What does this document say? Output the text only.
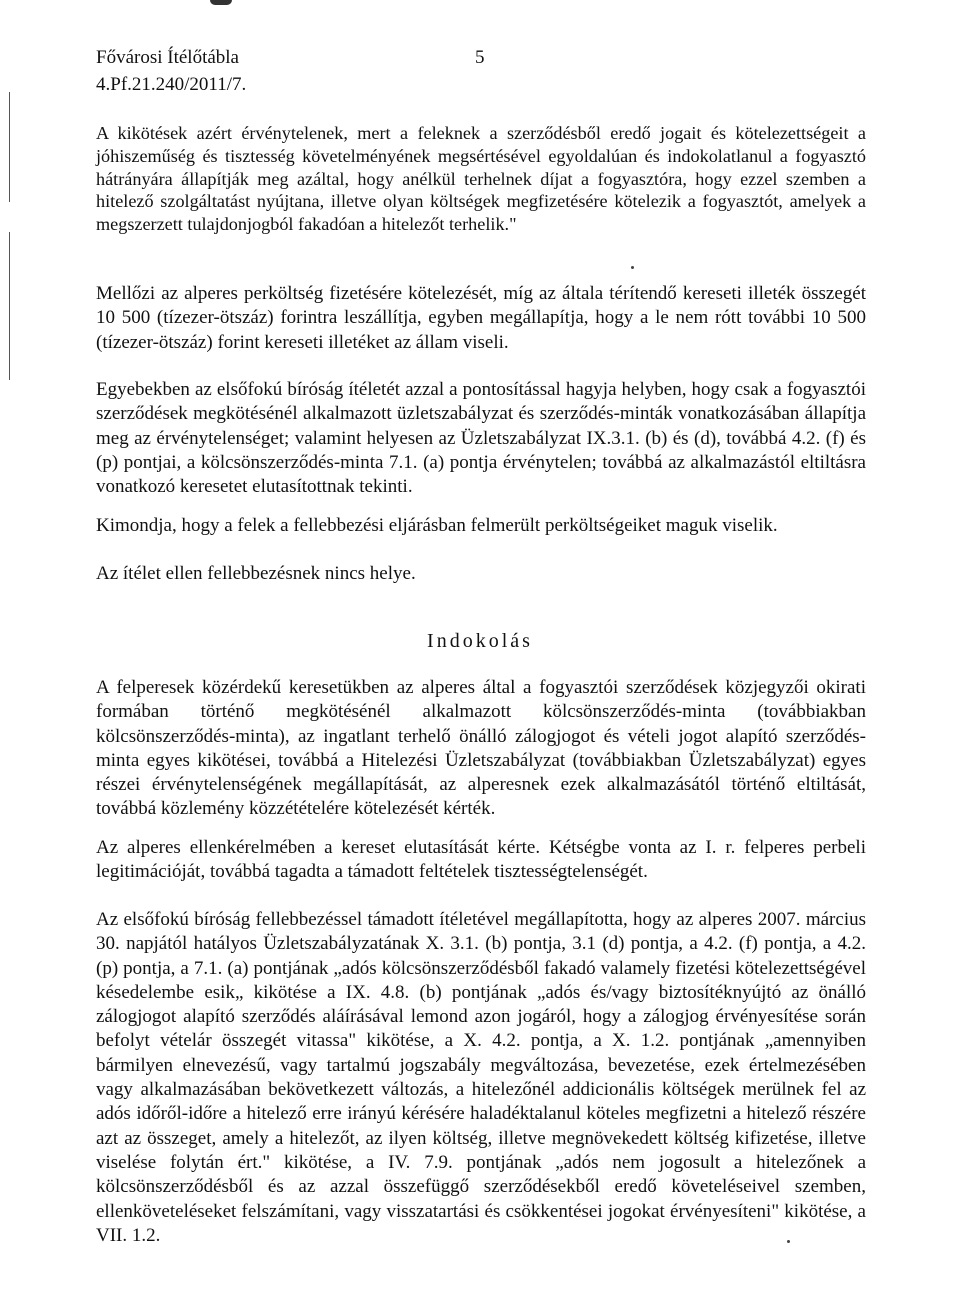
Fővárosi Ítélőtábla	5
4.Pf.21.240/2011/7.

A kikötések azért érvénytelenek, mert a feleknek a szerződésből eredő jogait és kötelezettségeit a jóhiszeműség és tisztesség követelményének megsértésével egyoldalúan és indokolatlanul a fogyasztó hátrányára állapítják meg azáltal, hogy anélkül terhelnek díjat a fogyasztóra, hogy ezzel szemben a hitelező szolgáltatást nyújtana, illetve olyan költségek megfizetésére kötelezik a fogyasztót, amelyek a megszerzett tulajdonjogból fakadóan a hitelezőt terhelik."

Mellőzi az alperes perköltség fizetésére kötelezését, míg az általa térítendő kereseti illeték összegét 10 500 (tízezer-ötszáz) forintra leszállítja, egyben megállapítja, hogy a le nem rótt további 10 500 (tízezer-ötszáz) forint kereseti illetéket az állam viseli.

Egyebekben az elsőfokú bíróság ítéletét azzal a pontosítással hagyja helyben, hogy csak a fogyasztói szerződések megkötésénél alkalmazott üzletszabályzat és szerződés-minták vonatkozásában állapítja meg az érvénytelenséget; valamint helyesen az Üzletszabályzat IX.3.1. (b) és (d), továbbá 4.2. (f) és (p) pontjai, a kölcsönszerződés-minta 7.1. (a) pontja érvénytelen; továbbá az alkalmazástól eltiltásra vonatkozó keresetet elutasítottnak tekinti.

Kimondja, hogy a felek a fellebbezési eljárásban felmerült perköltségeiket maguk viselik.

Az ítélet ellen fellebbezésnek nincs helye.

Indokolás

A felperesek közérdekű keresetükben az alperes által a fogyasztói szerződések közjegyzői okirati formában történő megkötésénél alkalmazott kölcsönszerződés-minta (továbbiakban kölcsönszerződés-minta), az ingatlant terhelő önálló zálogjogot és vételi jogot alapító szerződés-minta egyes kikötései, továbbá a Hitelezési Üzletszabályzat (továbbiakban Üzletszabályzat) egyes részei érvénytelenségének megállapítását, az alperesnek ezek alkalmazásától történő eltiltását, továbbá közlemény közzétételére kötelezését kérték.

Az alperes ellenkérelmében a kereset elutasítását kérte. Kétségbe vonta az I. r. felperes perbeli legitimációját, továbbá tagadta a támadott feltételek tisztességtelenségét.

Az elsőfokú bíróság fellebbezéssel támadott ítéletével megállapította, hogy az alperes 2007. március 30. napjától hatályos Üzletszabályzatának X. 3.1. (b) pontja, 3.1 (d) pontja, a 4.2. (f) pontja, a 4.2. (p) pontja, a 7.1. (a) pontjának „adós kölcsönszerződésből fakadó valamely fizetési kötelezettségével késedelembe esik„ kikötése a IX. 4.8. (b) pontjának „adós és/vagy biztosítéknyújtó az önálló zálogjogot alapító szerződés aláírásával lemond azon jogáról, hogy a zálogjog érvényesítése során befolyt vételár összegét vitassa" kikötése, a X. 4.2. pontja, a X. 1.2. pontjának „amennyiben bármilyen elnevezésű, vagy tartalmú jogszabály megváltozása, bevezetése, ezek értelmezésében vagy alkalmazásában bekövetkezett változás, a hitelezőnél addicionális költségek merülnek fel az adós időről-időre a hitelező erre irányú kérésére haladéktalanul köteles megfizetni a hitelező részére azt az összeget, amely a hitelezőt, az ilyen költség, illetve megnövekedett költség kifizetése, illetve viselése folytán ért." kikötése, a IV. 7.9. pontjának „adós nem jogosult a hitelezőnek a kölcsönszerződésből és az azzal összefüggő szerződésekből eredő követeléseivel szemben, ellenköveteléseket felszámítani, vagy visszatartási és csökkentései jogokat érvényesíteni" kikötése, a VII. 1.2.
